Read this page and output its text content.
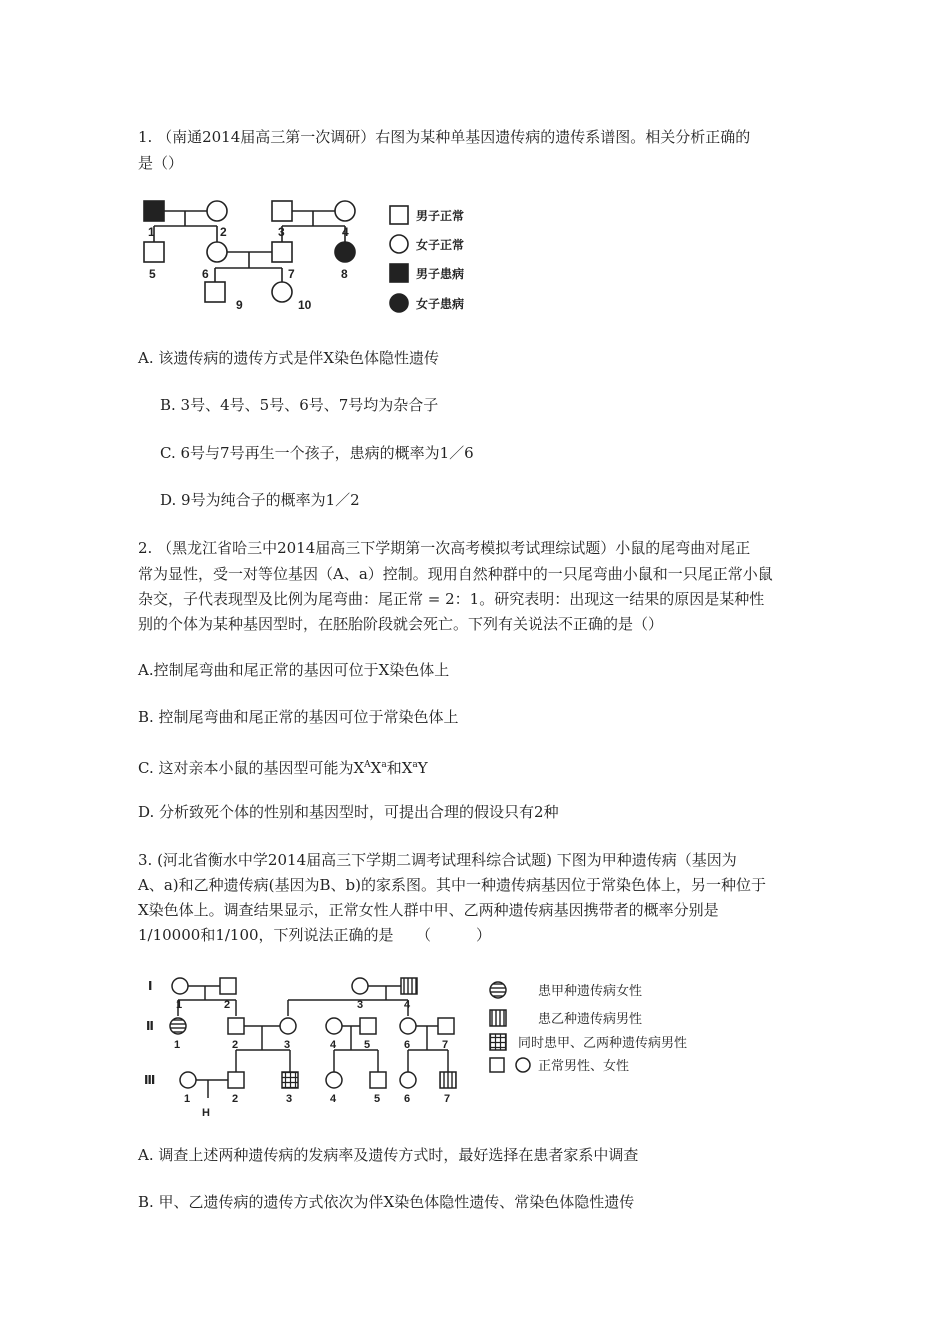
1. （南通2014届高三第一次调研）右图为某种单基因遗传病的遗传系谱图。相关分析正确的
是（）
1	2	3	4
5	6	7	8
9	10
男子正常
女子正常
男子患病
女子患病
A. 该遗传病的遗传方式是伴X染色体隐性遗传
B. 3号、4号、5号、6号、7号均为杂合子
C. 6号与7号再生一个孩子，患病的概率为1／6
D. 9号为纯合子的概率为1／2
2. （黑龙江省哈三中2014届高三下学期第一次高考模拟考试理综试题）小鼠的尾弯曲对尾正
常为显性，受一对等位基因（A、a）控制。现用自然种群中的一只尾弯曲小鼠和一只尾正常小鼠
杂交，子代表现型及比例为尾弯曲：尾正常 = 2：1。研究表明：出现这一结果的原因是某种性
别的个体为某种基因型时，在胚胎阶段就会死亡。下列有关说法不正确的是（）
A.控制尾弯曲和尾正常的基因可位于X染色体上
B. 控制尾弯曲和尾正常的基因可位于常染色体上
C. 这对亲本小鼠的基因型可能为$X^AX^a$和$X^aY$
D. 分析致死个体的性别和基因型时，可提出合理的假设只有2种
3. (河北省衡水中学2014届高三下学期二调考试理科综合试题) 下图为甲种遗传病（基因为
A、a)和乙种遗传病(基因为B、b)的家系图。其中一种遗传病基因位于常染色体上，另一种位于
X染色体上。调查结果显示，正常女性人群中甲、乙两种遗传病基因携带者的概率分别是
1/10000和1/100，下列说法正确的是　　（　　　）
Ⅰ
Ⅱ
Ⅲ
1	2	3	4
1	2	3	4	5	6	7
1	2	3	4	5 6	7
H
患甲种遗传病女性
患乙种遗传病男性
同时患甲、乙两种遗传病男性
正常男性、女性
A. 调查上述两种遗传病的发病率及遗传方式时，最好选择在患者家系中调查
B. 甲、乙遗传病的遗传方式依次为伴X染色体隐性遗传、常染色体隐性遗传
